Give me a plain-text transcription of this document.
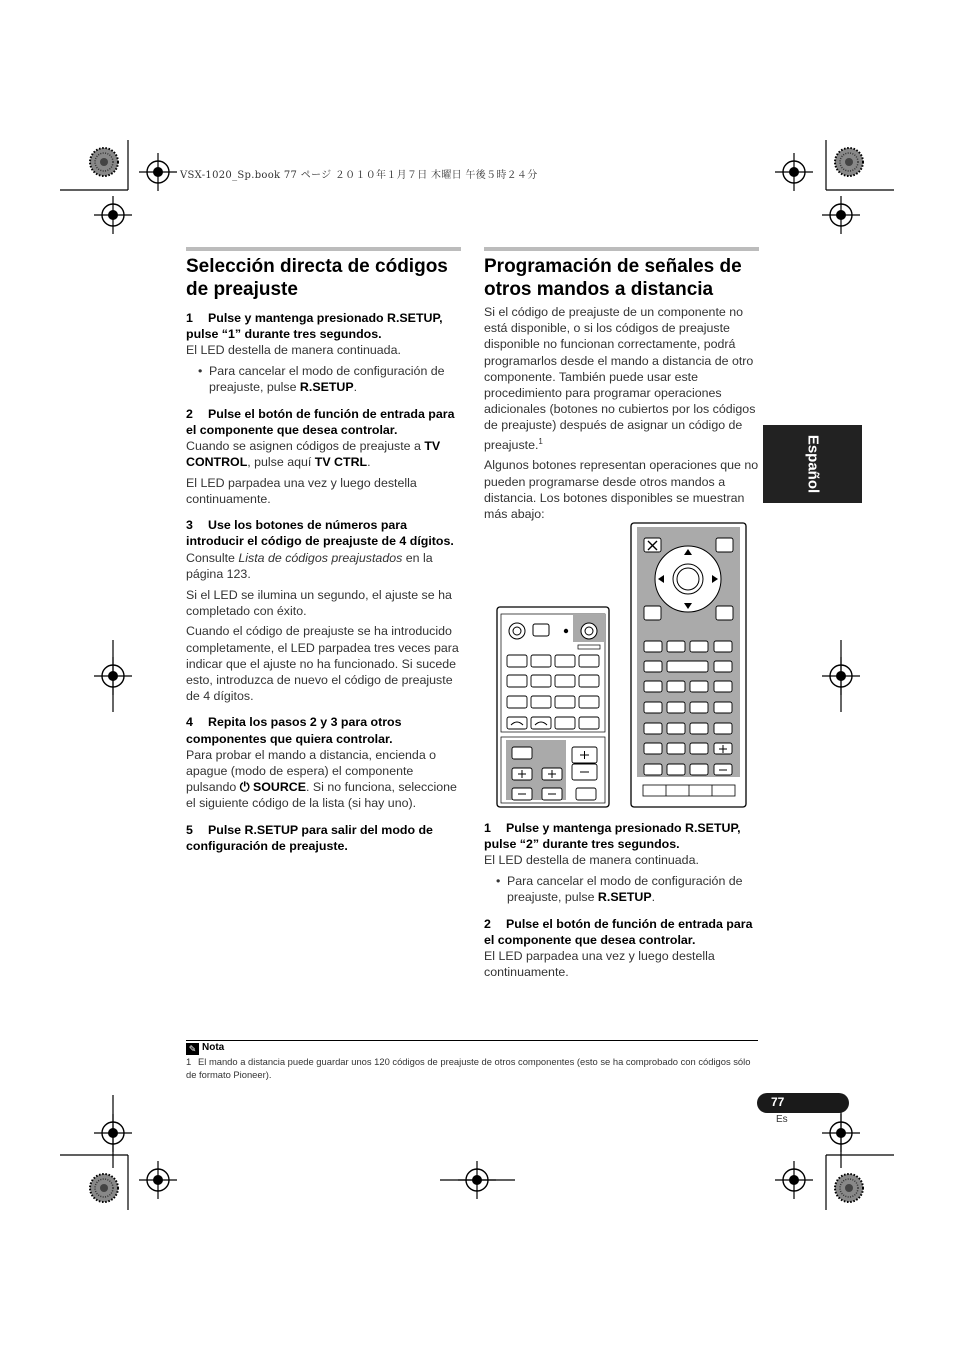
VSX-1020_Sp.book 77 ページ ２０１０年１月７日 木曜日 午後５時２４分
Selección directa de códigos de preajuste

1 Pulse y mantenga presionado R.SETUP, pulse “1” durante tres segundos.

El LED destella de manera continuada.

• Para cancelar el modo de configuración de preajuste, pulse R.SETUP.

2 Pulse el botón de función de entrada para el componente que desea controlar.

Cuando se asignen códigos de preajuste a TV CONTROL, pulse aquí TV CTRL.

El LED parpadea una vez y luego destella continuamente.

3 Use los botones de números para introducir el código de preajuste de 4 dígitos.

Consulte Lista de códigos preajustados en la página 123.

Si el LED se ilumina un segundo, el ajuste se ha completado con éxito.

Cuando el código de preajuste se ha introducido completamente, el LED parpadea tres veces para indicar que el ajuste no ha funcionado. Si sucede esto, introduzca de nuevo el código de preajuste de 4 dígitos.

4 Repita los pasos 2 y 3 para otros componentes que quiera controlar.

Para probar el mando a distancia, encienda o apague (modo de espera) el componente pulsando ⏻ SOURCE. Si no funciona, seleccione el siguiente código de la lista (si hay uno).

5 Pulse R.SETUP para salir del modo de configuración de preajuste.

Programación de señales de otros mandos a distancia

Si el código de preajuste de un componente no está disponible, o si los códigos de preajuste disponible no funcionan correctamente, podrá programarlos desde el mando a distancia de otro componente. También puede usar este procedimiento para programar operaciones adicionales (botones no cubiertos por los códigos de preajuste) después de asignar un código de preajuste.$^1$

Algunos botones representan operaciones que no pueden programarse desde otros mandos a distancia. Los botones disponibles se muestran más abajo:

1 Pulse y mantenga presionado R.SETUP, pulse “2” durante tres segundos.

El LED destella de manera continuada.

• Para cancelar el modo de configuración de preajuste, pulse R.SETUP.

2 Pulse el botón de función de entrada para el componente que desea controlar.

El LED parpadea una vez y luego destella continuamente.

Español
✎ Nota
1 El mando a distancia puede guardar unos 120 códigos de preajuste de otros componentes (esto se ha comprobado con códigos sólo de formato Pioneer).
77
Es
